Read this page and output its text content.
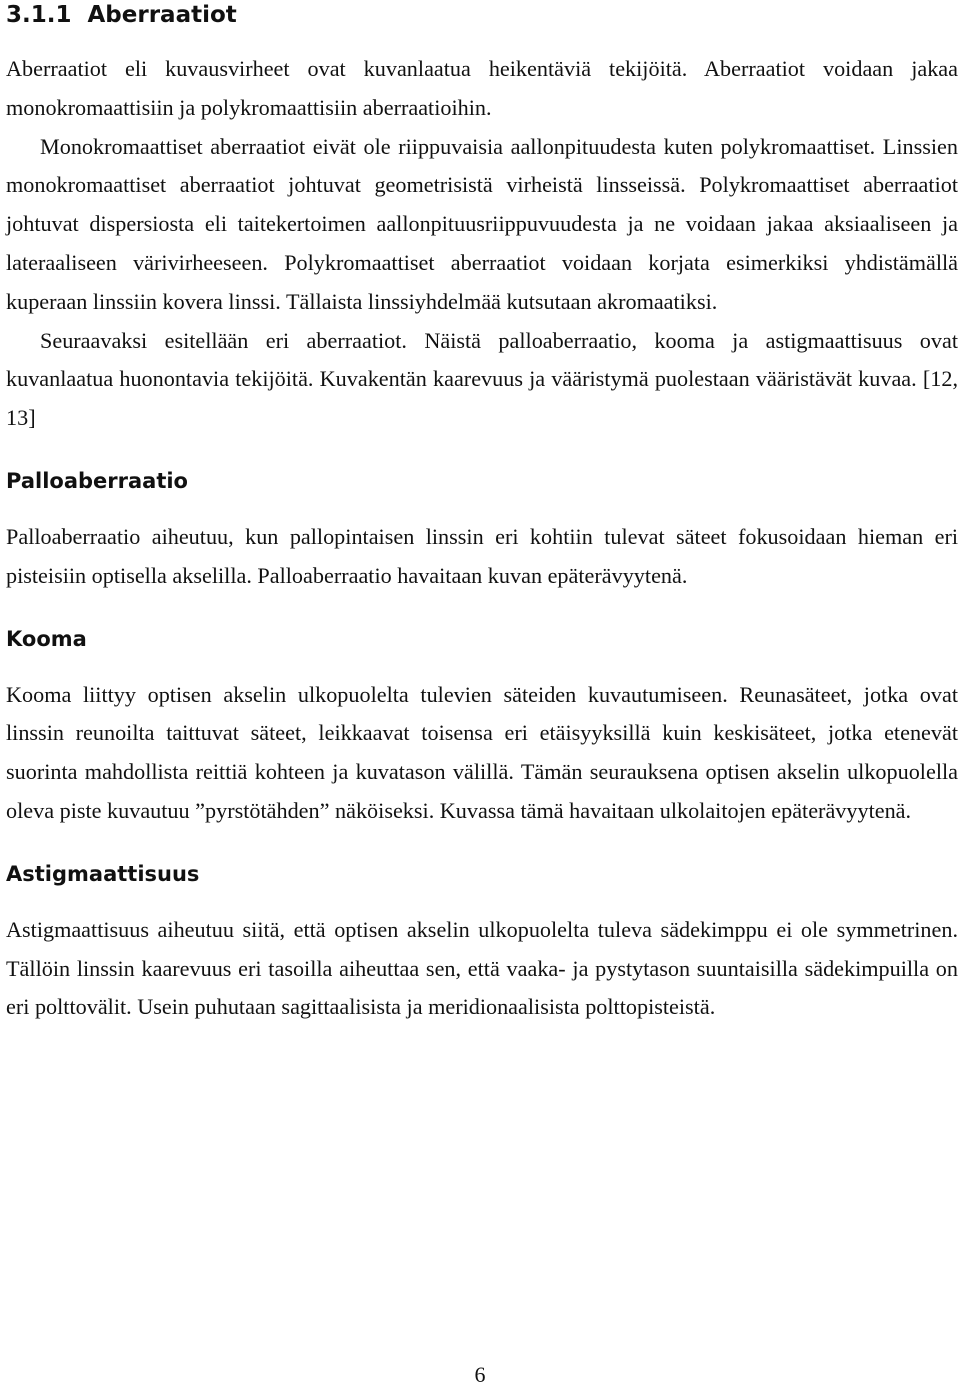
3.1.1 Aberraatiot

Aberraatiot eli kuvausvirheet ovat kuvanlaatua heikentäviä tekijöitä. Aberraatiot voidaan jakaa monokromaattisiin ja polykromaattisiin aberraatioihin.

Monokromaattiset aberraatiot eivät ole riippuvaisia aallonpituudesta kuten polykromaattiset. Linssien monokromaattiset aberraatiot johtuvat geometrisistä virheistä linsseissä. Polykromaattiset aberraatiot johtuvat dispersiosta eli taitekertoimen aallonpituusriippuvuudesta ja ne voidaan jakaa aksiaaliseen ja lateraaliseen värivirheeseen. Polykromaattiset aberraatiot voidaan korjata esimerkiksi yhdistämällä kuperaan linssiin kovera linssi. Tällaista linssiyhdelmää kutsutaan akromaatiksi.

Seuraavaksi esitellään eri aberraatiot. Näistä palloaberraatio, kooma ja astigmaattisuus ovat kuvanlaatua huonontavia tekijöitä. Kuvakentän kaarevuus ja vääristymä puolestaan vääristävät kuvaa. [12, 13]

Palloaberraatio

Palloaberraatio aiheutuu, kun pallopintaisen linssin eri kohtiin tulevat säteet fokusoidaan hieman eri pisteisiin optisella akselilla. Palloaberraatio havaitaan kuvan epäterävyytenä.

Kooma

Kooma liittyy optisen akselin ulkopuolelta tulevien säteiden kuvautumiseen. Reunasäteet, jotka ovat linssin reunoilta taittuvat säteet, leikkaavat toisensa eri etäisyyksillä kuin keskisäteet, jotka etenevät suorinta mahdollista reittiä kohteen ja kuvatason välillä. Tämän seurauksena optisen akselin ulkopuolella oleva piste kuvautuu ”pyrstötähden” näköiseksi. Kuvassa tämä havaitaan ulkolaitojen epäterävyytenä.

Astigmaattisuus

Astigmaattisuus aiheutuu siitä, että optisen akselin ulkopuolelta tuleva sädekimppu ei ole symmetrinen. Tällöin linssin kaarevuus eri tasoilla aiheuttaa sen, että vaaka- ja pystytason suuntaisilla sädekimpuilla on eri polttovälit. Usein puhutaan sagittaalisista ja meridionaalisista polttopisteistä.

6
